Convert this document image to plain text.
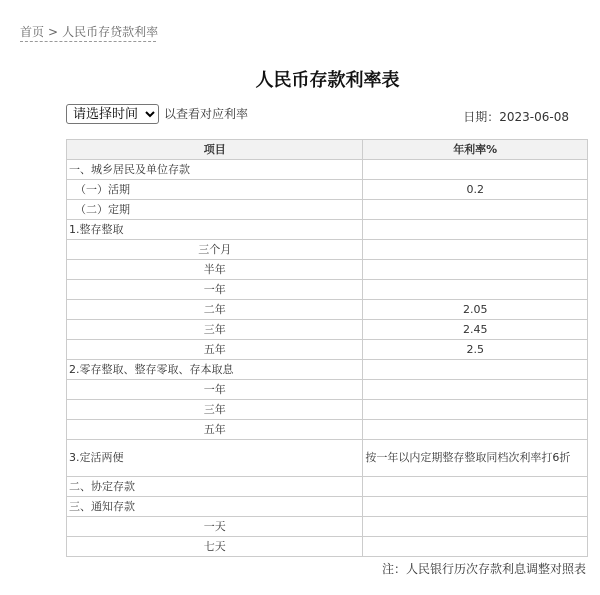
首页 > 人民币存贷款利率
人民币存款利率表
请选择时间
以查看对应利率	日期：2023-06-08
项目	年利率%
一、城乡居民及单位存款	
（一）活期	0.2
（二）定期	
1.整存整取	
三个月	
半年	
一年	
二年	2.05
三年	2.45
五年	2.5
2.零存整取、整存零取、存本取息	
一年	
三年	
五年	
3.定活两便	按一年以内定期整存整取同档次利率打6折
二、协定存款	
三、通知存款	
一天	
七天	
注：人民银行历次存款利息调整对照表
